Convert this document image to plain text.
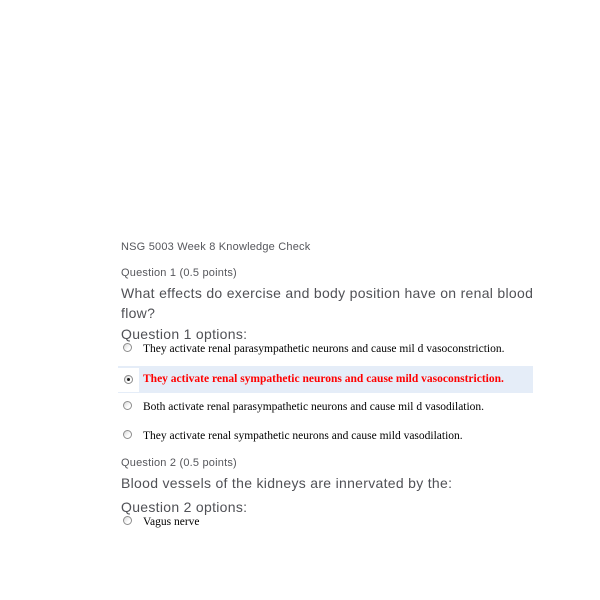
NSG 5003 Week 8 Knowledge Check
Question 1 (0.5 points)
What effects do exercise and body position have on renal blood flow?
Question 1 options:
They activate renal parasympathetic neurons and cause mil d vasoconstriction.
They activate renal sympathetic neurons and cause mild vasoconstriction.
Both activate renal parasympathetic neurons and cause mil d vasodilation.
They activate renal sympathetic neurons and cause mild vasodilation.
Question 2 (0.5 points)
Blood vessels of the kidneys are innervated by the:
Question 2 options:
Vagus nerve
